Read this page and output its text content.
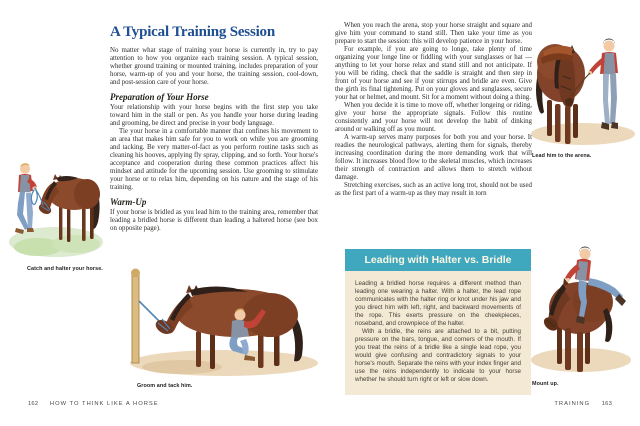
A Typical Training Session

No matter what stage of training your horse is currently in, try to pay attention to how you organize each training session. A typical session, whether ground training or mounted training, includes preparation of your horse, warm-up of you and your horse, the training session, cool-down, and post-session care of your horse.

Preparation of Your Horse

Your relationship with your horse begins with the first step you take toward him in the stall or pen. As you handle your horse during leading and grooming, be direct and precise in your body language.

Tie your horse in a comfortable manner that confines his movement to an area that makes him safe for you to work on while you are grooming and tacking. Be very matter-of-fact as you perform routine tasks such as cleaning his hooves, applying fly spray, clipping, and so forth. Your horse's acceptance and cooperation during these common practices affect his mindset and attitude for the upcoming session. Use grooming to stimulate your horse or to relax him, depending on his nature and the stage of his training.

Warm-Up

If your horse is bridled as you lead him to the training area, remember that leading a bridled horse is different than leading a haltered horse (see box on opposite page).

Catch and halter your horse.
Groom and tack him.
162 HOW TO THINK LIKE A HORSE

When you reach the arena, stop your horse straight and square and give him your command to stand still. Then take your time as you prepare to start the session: this will develop patience in your horse.

For example, if you are going to longe, take plenty of time organizing your longe line or fiddling with your sunglasses or hat — anything to let your horse relax and stand still and not anticipate. If you will be riding, check that the saddle is straight and then step in front of your horse and see if your stirrups and bridle are even. Give the girth its final tightening. Put on your gloves and sunglasses, secure your hat or helmet, and mount. Sit for a moment without doing a thing.

When you decide it is time to move off, whether longeing or riding, give your horse the appropriate signals. Follow this routine consistently and your horse will not develop the habit of dinking around or walking off as you mount.

A warm-up serves many purposes for both you and your horse. It readies the neurological pathways, alerting them for signals, thereby increasing coordination during the more demanding work that will follow. It increases blood flow to the skeletal muscles, which increases their strength of contraction and allows them to stretch without damage.

Stretching exercises, such as an active long trot, should not be used as the first part of a warm-up as they may result in torn

Leading with Halter vs. Bridle

Leading a bridled horse requires a different method than leading one wearing a halter. With a halter, the lead rope communicates with the halter ring or knot under his jaw and you direct him with left, right, and backward movements of the rope. This exerts pressure on the cheekpieces, noseband, and crownpiece of the halter.

With a bridle, the reins are attached to a bit, putting pressure on the bars, tongue, and corners of the mouth. If you treat the reins of a bridle like a single lead rope, you would give confusing and contradictory signals to your horse's mouth. Separate the reins with your index finger and use the reins independently to indicate to your horse whether he should turn right or left or slow down.

Lead him to the arena.
Mount up.
TRAINING 163
